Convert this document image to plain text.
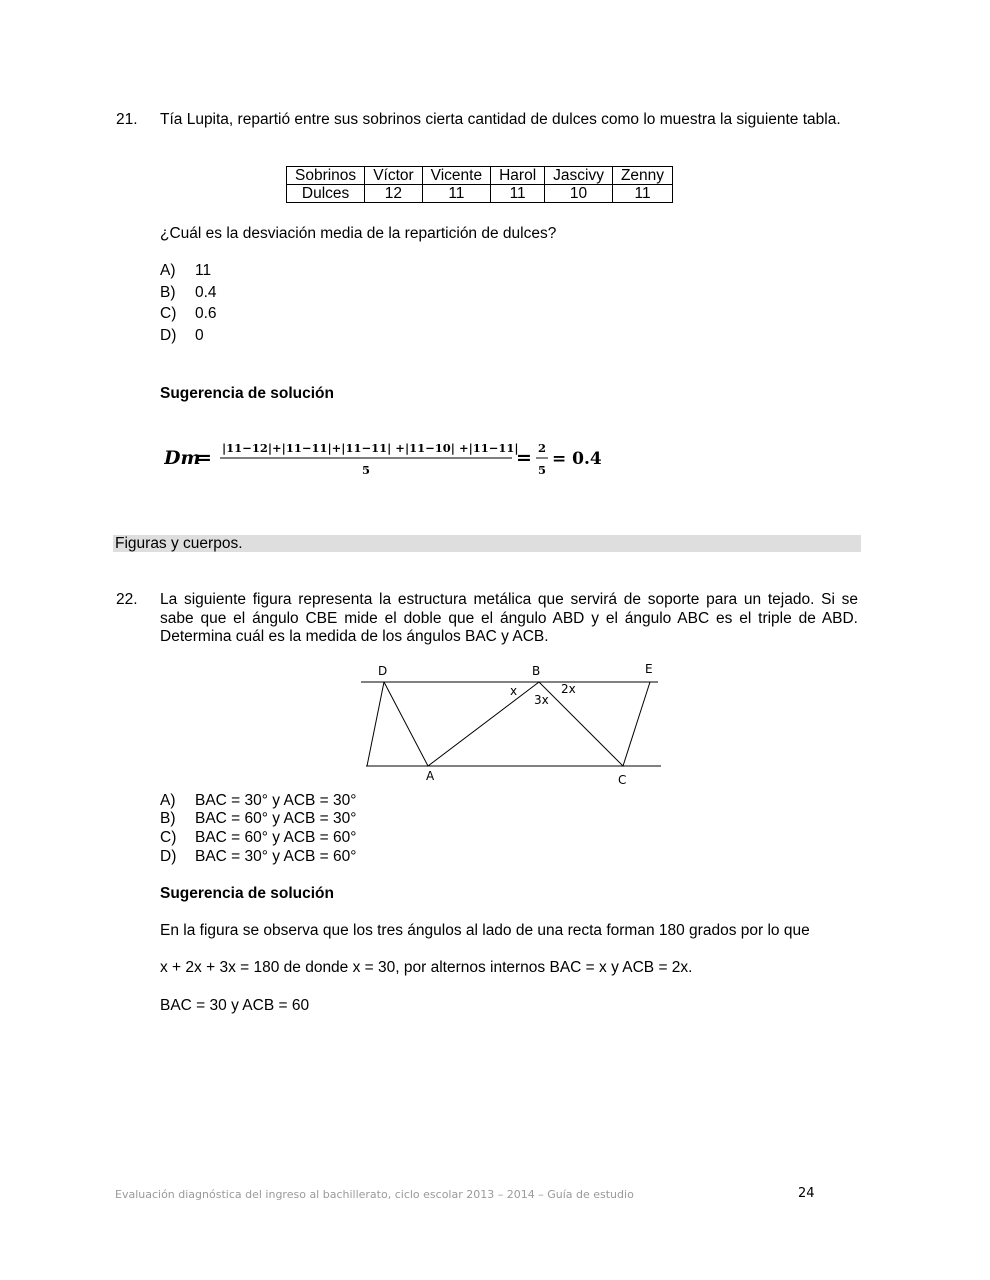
21. Tía Lupita, repartió entre sus sobrinos cierta cantidad de dulces como lo muestra la siguiente tabla.
Sobrinos	Víctor	Vicente	Harol	Jascivy	Zenny
Dulces	12	11	11	10	11
¿Cuál es la desviación media de la repartición de dulces?
A) 11
B) 0.4
C) 0.6
D) 0
Sugerencia de solución
Dm
= |11−12|+|11−11|+|11−11| +|11−10| +|11−11|
5
= 2
5
= 0.4
Figuras y cuerpos.
22. La siguiente figura representa la estructura metálica que servirá de soporte para un tejado. Si se sabe que el ángulo CBE mide el doble que el ángulo ABD y el ángulo ABC es el triple de ABD. Determina cuál es la medida de los ángulos BAC y ACB.
D	B	E
A	C
x	2x
3x
A) BAC = 30° y ACB = 30°
B) BAC = 60° y ACB = 30°
C) BAC = 60° y ACB = 60°
D) BAC = 30° y ACB = 60°
Sugerencia de solución
En la figura se observa que los tres ángulos al lado de una recta forman 180 grados por lo que
x + 2x + 3x = 180 de donde x = 30, por alternos internos BAC = x y ACB = 2x.
BAC = 30 y ACB = 60
Evaluación diagnóstica del ingreso al bachillerato, ciclo escolar 2013 – 2014 – Guía de estudio	24
